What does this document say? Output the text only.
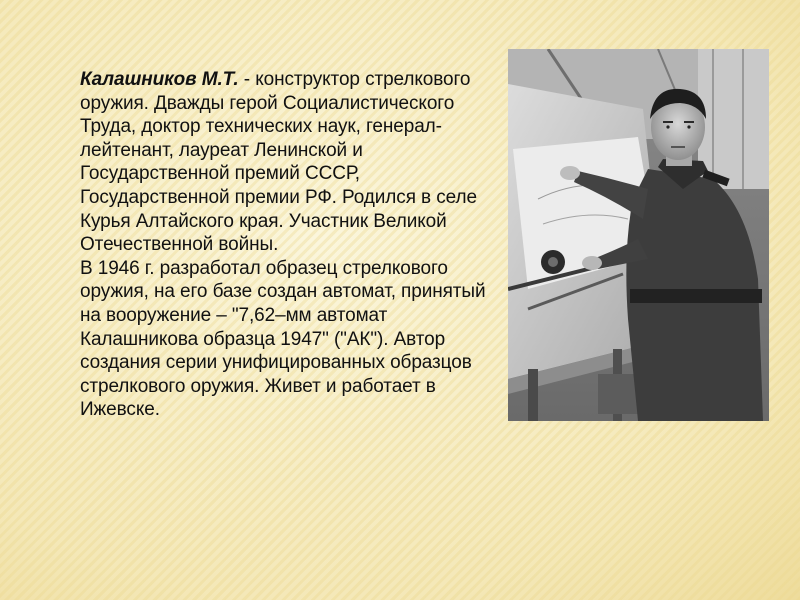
Калашников М.Т. - конструктор стрелкового оружия. Дважды герой Социалистического Труда, доктор технических наук, генерал-лейтенант, лауреат Ленинской и Государственной премий СССР, Государственной премии РФ. Родился в селе Курья Алтайского края. Участник Великой Отечественной войны.

В 1946 г. разработал образец стрелкового оружия, на его базе создан автомат, принятый на вооружение – "7,62–мм автомат Калашникова образца 1947" ("АК"). Автор создания серии унифицированных образцов стрелкового оружия. Живет и работает в Ижевске.
